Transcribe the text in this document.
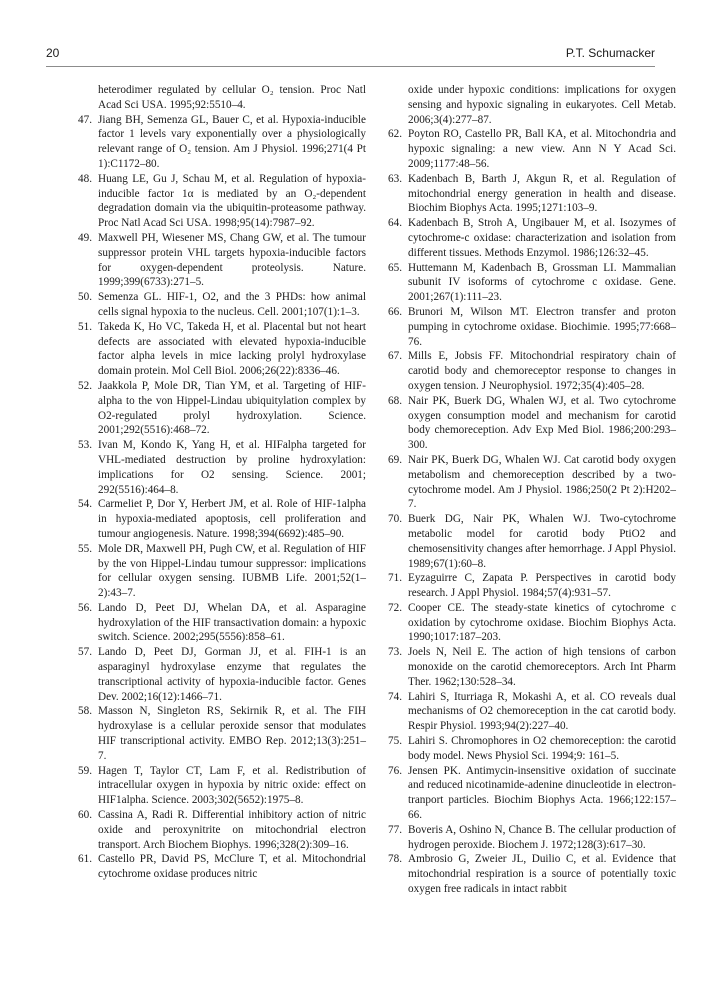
20	P.T. Schumacker

heterodimer regulated by cellular O₂ tension. Proc Natl Acad Sci USA. 1995;92:5510–4.

47. Jiang BH, Semenza GL, Bauer C, et al. Hypoxia-inducible factor 1 levels vary exponentially over a physiologically relevant range of O₂ tension. Am J Physiol. 1996;271(4 Pt 1):C1172–80.

48. Huang LE, Gu J, Schau M, et al. Regulation of hypoxia-inducible factor 1α is mediated by an O₂-dependent degradation domain via the ubiquitin-proteasome pathway. Proc Natl Acad Sci USA. 1998;95(14):7987–92.

49. Maxwell PH, Wiesener MS, Chang GW, et al. The tumour suppressor protein VHL targets hypoxia-inducible factors for oxygen-dependent proteolysis. Nature. 1999;399(6733):271–5.

50. Semenza GL. HIF-1, O2, and the 3 PHDs: how animal cells signal hypoxia to the nucleus. Cell. 2001;107(1):1–3.

51. Takeda K, Ho VC, Takeda H, et al. Placental but not heart defects are associated with elevated hypoxia-inducible factor alpha levels in mice lacking prolyl hydroxylase domain protein. Mol Cell Biol. 2006;26(22):8336–46.

52. Jaakkola P, Mole DR, Tian YM, et al. Targeting of HIF-alpha to the von Hippel-Lindau ubiquitylation complex by O2-regulated prolyl hydroxylation. Science. 2001;292(5516):468–72.

53. Ivan M, Kondo K, Yang H, et al. HIFalpha targeted for VHL-mediated destruction by proline hydroxylation: implications for O2 sensing. Science. 2001; 292(5516):464–8.

54. Carmeliet P, Dor Y, Herbert JM, et al. Role of HIF-1alpha in hypoxia-mediated apoptosis, cell proliferation and tumour angiogenesis. Nature. 1998;394(6692):485–90.

55. Mole DR, Maxwell PH, Pugh CW, et al. Regulation of HIF by the von Hippel-Lindau tumour suppressor: implications for cellular oxygen sensing. IUBMB Life. 2001;52(1–2):43–7.

56. Lando D, Peet DJ, Whelan DA, et al. Asparagine hydroxylation of the HIF transactivation domain: a hypoxic switch. Science. 2002;295(5556):858–61.

57. Lando D, Peet DJ, Gorman JJ, et al. FIH-1 is an asparaginyl hydroxylase enzyme that regulates the transcriptional activity of hypoxia-inducible factor. Genes Dev. 2002;16(12):1466–71.

58. Masson N, Singleton RS, Sekirnik R, et al. The FIH hydroxylase is a cellular peroxide sensor that modulates HIF transcriptional activity. EMBO Rep. 2012;13(3):251–7.

59. Hagen T, Taylor CT, Lam F, et al. Redistribution of intracellular oxygen in hypoxia by nitric oxide: effect on HIF1alpha. Science. 2003;302(5652):1975–8.

60. Cassina A, Radi R. Differential inhibitory action of nitric oxide and peroxynitrite on mitochondrial electron transport. Arch Biochem Biophys. 1996;328(2):309–16.

61. Castello PR, David PS, McClure T, et al. Mitochondrial cytochrome oxidase produces nitric

oxide under hypoxic conditions: implications for oxygen sensing and hypoxic signaling in eukaryotes. Cell Metab. 2006;3(4):277–87.

62. Poyton RO, Castello PR, Ball KA, et al. Mitochondria and hypoxic signaling: a new view. Ann N Y Acad Sci. 2009;1177:48–56.

63. Kadenbach B, Barth J, Akgun R, et al. Regulation of mitochondrial energy generation in health and disease. Biochim Biophys Acta. 1995;1271:103–9.

64. Kadenbach B, Stroh A, Ungibauer M, et al. Isozymes of cytochrome-c oxidase: characterization and isolation from different tissues. Methods Enzymol. 1986;126:32–45.

65. Huttemann M, Kadenbach B, Grossman LI. Mammalian subunit IV isoforms of cytochrome c oxidase. Gene. 2001;267(1):111–23.

66. Brunori M, Wilson MT. Electron transfer and proton pumping in cytochrome oxidase. Biochimie. 1995;77:668–76.

67. Mills E, Jobsis FF. Mitochondrial respiratory chain of carotid body and chemoreceptor response to changes in oxygen tension. J Neurophysiol. 1972;35(4):405–28.

68. Nair PK, Buerk DG, Whalen WJ, et al. Two cytochrome oxygen consumption model and mechanism for carotid body chemoreception. Adv Exp Med Biol. 1986;200:293–300.

69. Nair PK, Buerk DG, Whalen WJ. Cat carotid body oxygen metabolism and chemoreception described by a two-cytochrome model. Am J Physiol. 1986;250(2 Pt 2):H202–7.

70. Buerk DG, Nair PK, Whalen WJ. Two-cytochrome metabolic model for carotid body PtiO2 and chemosensitivity changes after hemorrhage. J Appl Physiol. 1989;67(1):60–8.

71. Eyzaguirre C, Zapata P. Perspectives in carotid body research. J Appl Physiol. 1984;57(4):931–57.

72. Cooper CE. The steady-state kinetics of cytochrome c oxidation by cytochrome oxidase. Biochim Biophys Acta. 1990;1017:187–203.

73. Joels N, Neil E. The action of high tensions of carbon monoxide on the carotid chemoreceptors. Arch Int Pharm Ther. 1962;130:528–34.

74. Lahiri S, Iturriaga R, Mokashi A, et al. CO reveals dual mechanisms of O2 chemoreception in the cat carotid body. Respir Physiol. 1993;94(2):227–40.

75. Lahiri S. Chromophores in O2 chemoreception: the carotid body model. News Physiol Sci. 1994;9: 161–5.

76. Jensen PK. Antimycin-insensitive oxidation of succinate and reduced nicotinamide-adenine dinucleotide in electron-tranport particles. Biochim Biophys Acta. 1966;122:157–66.

77. Boveris A, Oshino N, Chance B. The cellular production of hydrogen peroxide. Biochem J. 1972;128(3):617–30.

78. Ambrosio G, Zweier JL, Duilio C, et al. Evidence that mitochondrial respiration is a source of potentially toxic oxygen free radicals in intact rabbit
